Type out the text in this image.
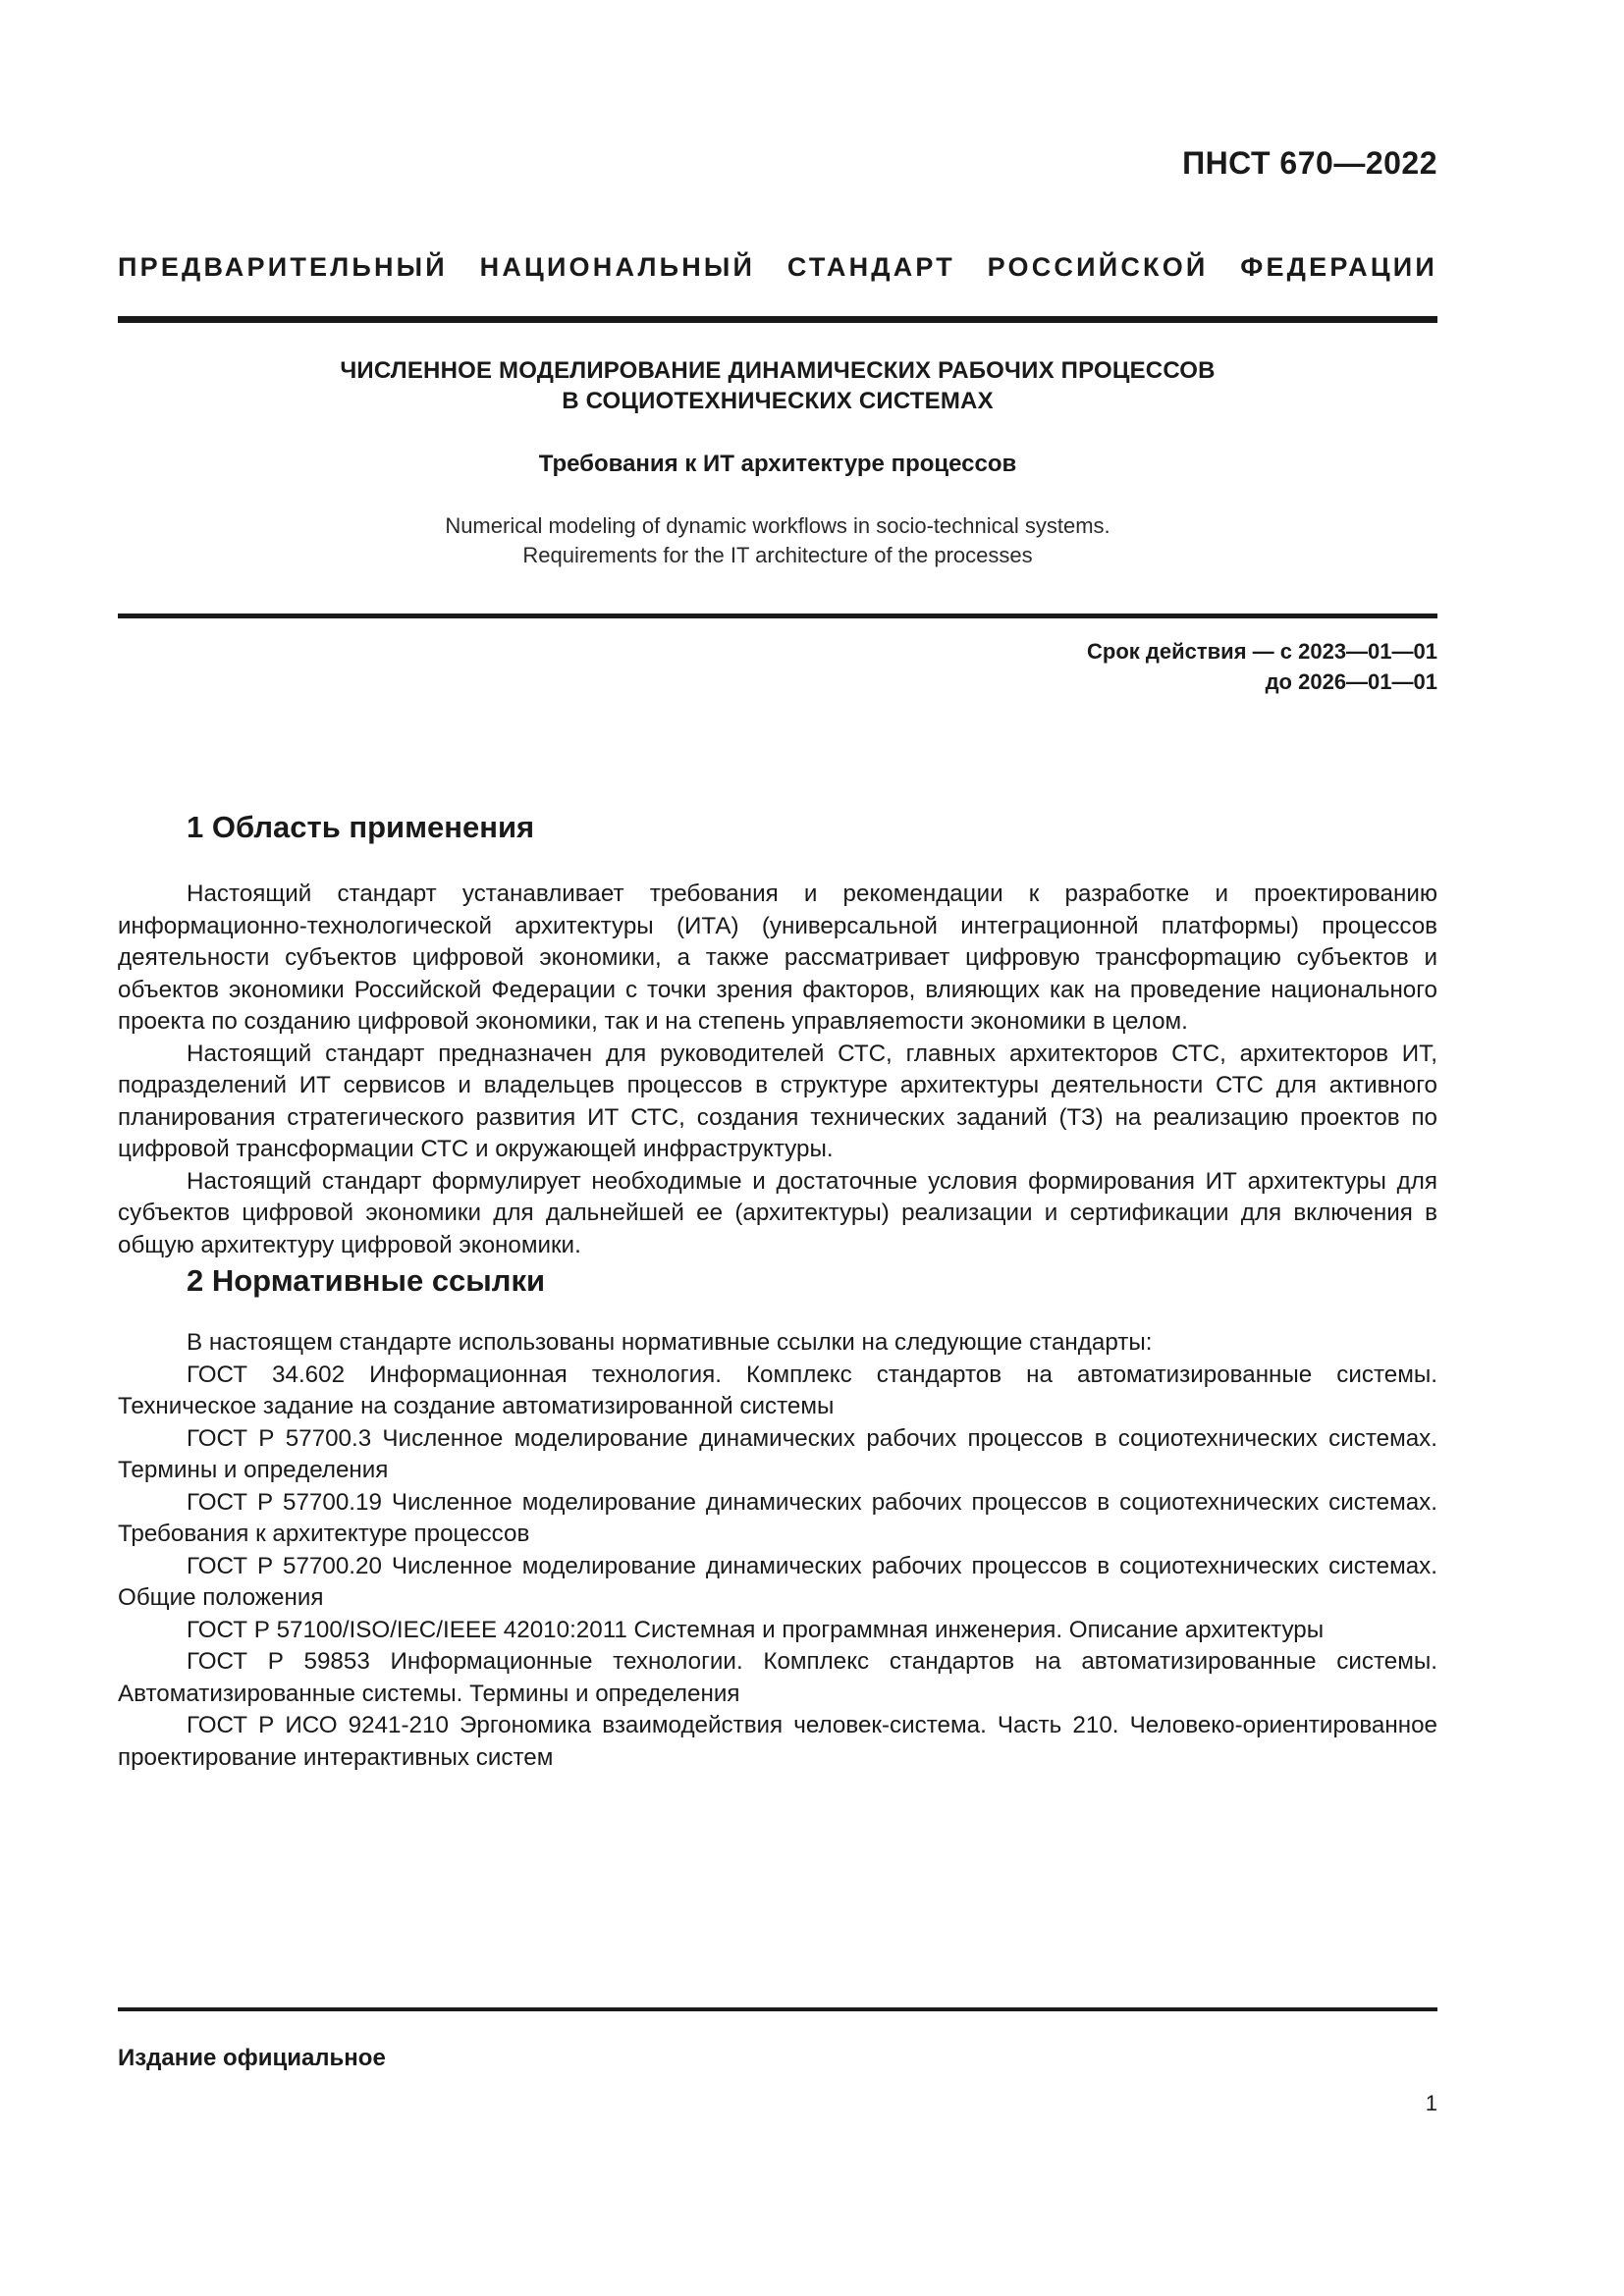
ПНСТ 670—2022
ПРЕДВАРИТЕЛЬНЫЙ НАЦИОНАЛЬНЫЙ СТАНДАРТ РОССИЙСКОЙ ФЕДЕРАЦИИ
ЧИСЛЕННОЕ МОДЕЛИРОВАНИЕ ДИНАМИЧЕСКИХ РАБОЧИХ ПРОЦЕССОВ
В СОЦИОТЕХНИЧЕСКИХ СИСТЕМАХ
Требования к ИТ архитектуре процессов
Numerical modeling of dynamic workflows in socio-technical systems.
Requirements for the IT architecture of the processes
Срок действия — с 2023—01—01
до 2026—01—01
1 Область применения

Настоящий стандарт устанавливает требования и рекомендации к разработке и проектированию информационно-технологической архитектуры (ИТА) (универсальной интеграционной платформы) процессов деятельности субъектов цифровой экономики, а также рассматривает цифровую трансфорmацию субъектов и объектов экономики Российской Федерации с точки зрения факторов, влияющих как на проведение национального проекта по созданию цифровой экономики, так и на степень управляеmости экономики в целом.

Настоящий стандарт предназначен для руководителей СТС, главных архитекторов СТС, архитекторов ИТ, подразделений ИТ сервисов и владельцев процессов в структуре архитектуры деятельности СТС для активного планирования стратегического развития ИТ СТС, создания технических заданий (ТЗ) на реализацию проектов по цифровой трансформации СТС и окружающей инфраструктуры.

Настоящий стандарт формулирует необходимые и достаточные условия формирования ИТ архитектуры для субъектов цифровой экономики для дальнейшей ее (архитектуры) реализации и сертификации для включения в общую архитектуру цифровой экономики.

2 Нормативные ссылки

В настоящем стандарте использованы нормативные ссылки на следующие стандарты:

ГОСТ 34.602 Информационная технология. Комплекс стандартов на автоматизированные системы. Техническое задание на создание автоматизированной системы

ГОСТ Р 57700.3 Численное моделирование динамических рабочих процессов в социотехнических системах. Термины и определения

ГОСТ Р 57700.19 Численное моделирование динамических рабочих процессов в социотехнических системах. Требования к архитектуре процессов

ГОСТ Р 57700.20 Численное моделирование динамических рабочих процессов в социотехнических системах. Общие положения

ГОСТ Р 57100/ISO/IEC/IEEE 42010:2011 Системная и программная инженерия. Описание архитектуры

ГОСТ Р 59853 Информационные технологии. Комплекс стандартов на автоматизированные системы. Автоматизированные системы. Термины и определения

ГОСТ Р ИСО 9241-210 Эргономика взаимодействия человек-система. Часть 210. Человеко-ориентированное проектирование интерактивных систем

Издание официальное
1
